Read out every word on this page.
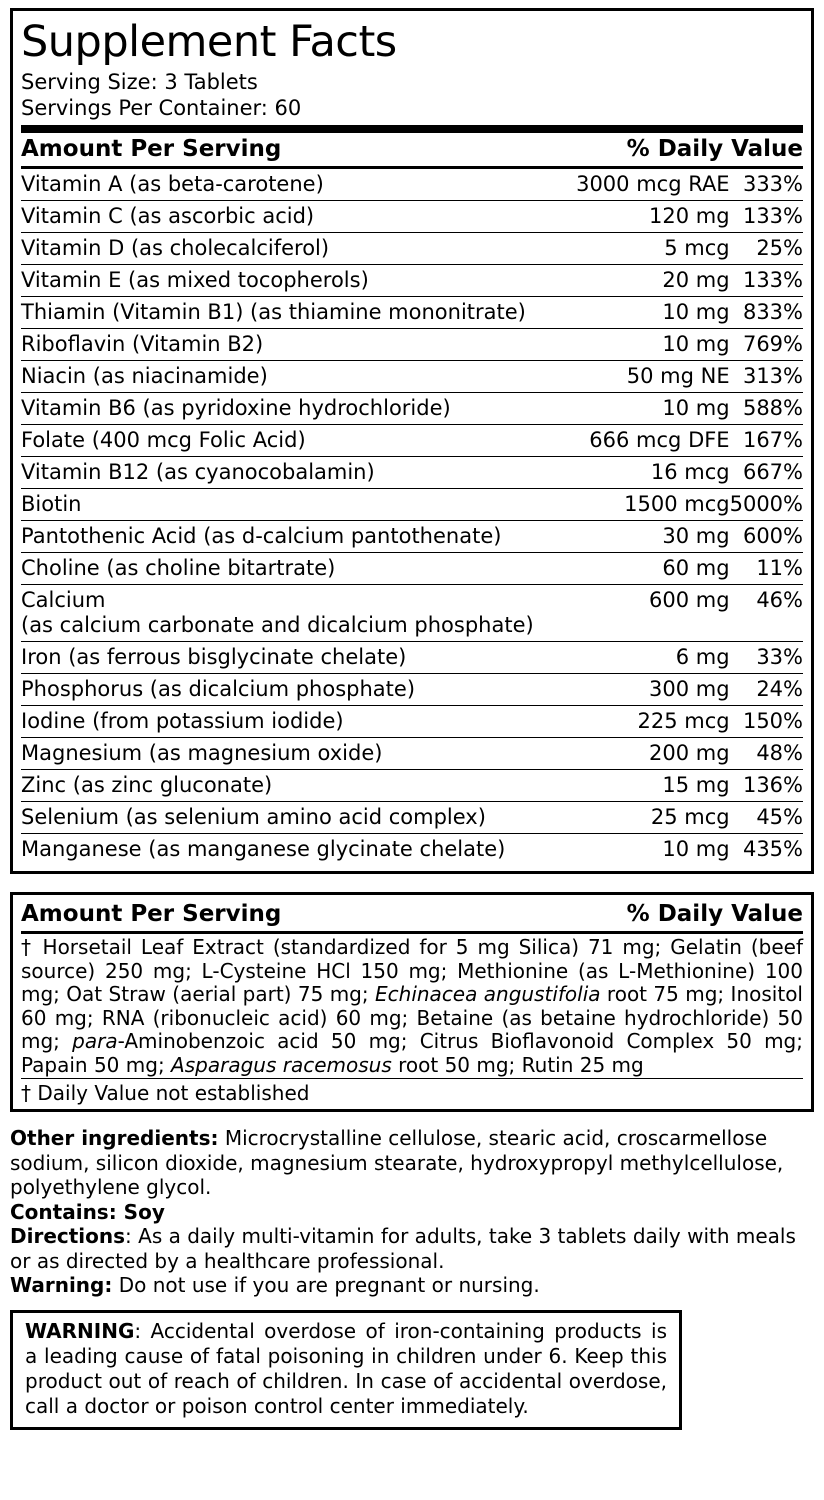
Supplement Facts
Serving Size: 3 Tablets
Servings Per Container: 60
Amount Per Serving	% Daily Value
Vitamin A (as beta-carotene)	3000 mcg RAE	333%
Vitamin C (as ascorbic acid)	120 mg	133%
Vitamin D (as cholecalciferol)	5 mcg	25%
Vitamin E (as mixed tocopherols)	20 mg	133%
Thiamin (Vitamin B1) (as thiamine mononitrate)	10 mg	833%
Riboflavin (Vitamin B2)	10 mg	769%
Niacin (as niacinamide)	50 mg NE	313%
Vitamin B6 (as pyridoxine hydrochloride)	10 mg	588%
Folate (400 mcg Folic Acid)	666 mcg DFE	167%
Vitamin B12 (as cyanocobalamin)	16 mcg	667%
Biotin	1500 mcg	5000%
Pantothenic Acid (as d-calcium pantothenate)	30 mg	600%
Choline (as choline bitartrate)	60 mg	11%
Calcium	600 mg	46%
(as calcium carbonate and dicalcium phosphate)		
Iron (as ferrous bisglycinate chelate)	6 mg	33%
Phosphorus (as dicalcium phosphate)	300 mg	24%
Iodine (from potassium iodide)	225 mcg	150%
Magnesium (as magnesium oxide)	200 mg	48%
Zinc (as zinc gluconate)	15 mg	136%
Selenium (as selenium amino acid complex)	25 mcg	45%
Manganese (as manganese glycinate chelate)	10 mg	435%
Amount Per Serving	% Daily Value
† Horsetail Leaf Extract (standardized for 5 mg Silica) 71 mg; Gelatin (beef source) 250 mg; L-Cysteine HCl 150 mg; Methionine (as L-Methionine) 100 mg; Oat Straw (aerial part) 75 mg; Echinacea angustifolia root 75 mg; Inositol 60 mg; RNA (ribonucleic acid) 60 mg; Betaine (as betaine hydrochloride) 50 mg; para-Aminobenzoic acid 50 mg; Citrus Bioflavonoid Complex 50 mg; Papain 50 mg; Asparagus racemosus root 50 mg; Rutin 25 mg
† Daily Value not established

Other ingredients: Microcrystalline cellulose, stearic acid, croscarmellose sodium, silicon dioxide, magnesium stearate, hydroxypropyl methylcellulose, polyethylene glycol.

Contains: Soy

Directions: As a daily multi-vitamin for adults, take 3 tablets daily with meals or as directed by a healthcare professional.

Warning: Do not use if you are pregnant or nursing.

WARNING: Accidental overdose of iron-containing products is a leading cause of fatal poisoning in children under 6. Keep this product out of reach of children. In case of accidental overdose, call a doctor or poison control center immediately.
